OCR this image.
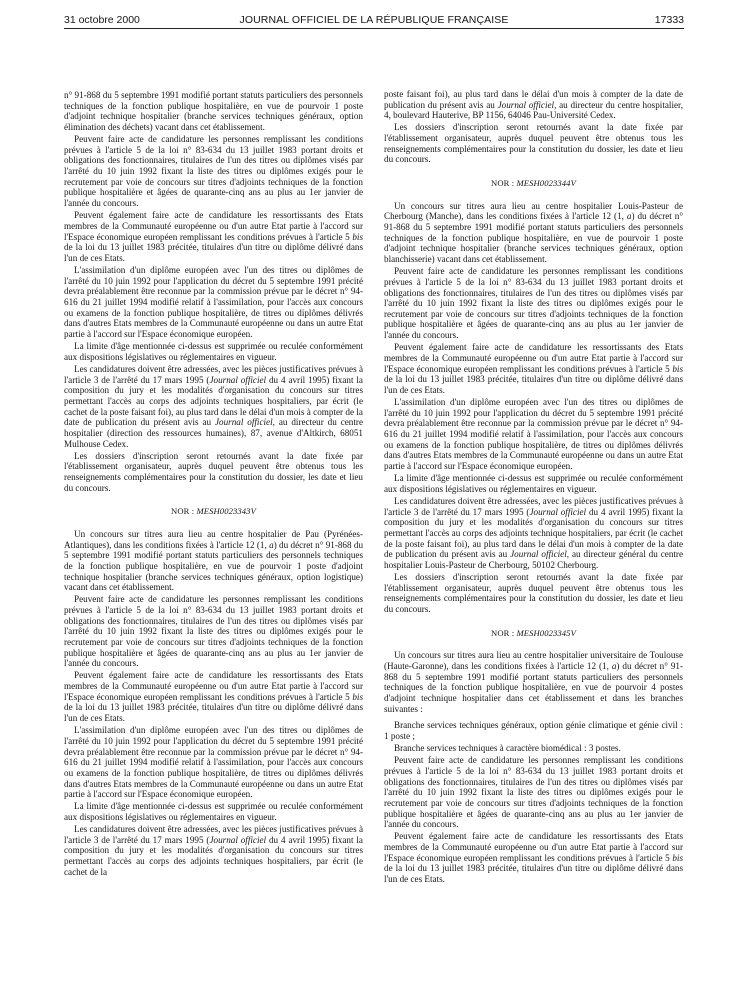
31 octobre 2000	JOURNAL OFFICIEL DE LA RÉPUBLIQUE FRANÇAISE	17333

n° 91-868 du 5 septembre 1991 modifié portant statuts particuliers des personnels techniques de la fonction publique hospitalière, en vue de pourvoir 1 poste d'adjoint technique hospitalier (branche services techniques généraux, option élimination des déchets) vacant dans cet établissement.

Peuvent faire acte de candidature les personnes remplissant les conditions prévues à l'article 5 de la loi n° 83-634 du 13 juillet 1983 portant droits et obligations des fonctionnaires, titulaires de l'un des titres ou diplômes visés par l'arrêté du 10 juin 1992 fixant la liste des titres ou diplômes exigés pour le recrutement par voie de concours sur titres d'adjoints techniques de la fonction publique hospitalière et âgées de quarante-cinq ans au plus au 1er janvier de l'année du concours.

Peuvent également faire acte de candidature les ressortissants des Etats membres de la Communauté européenne ou d'un autre Etat partie à l'accord sur l'Espace économique européen remplissant les conditions prévues à l'article 5 bis de la loi du 13 juillet 1983 précitée, titulaires d'un titre ou diplôme délivré dans l'un de ces Etats.

L'assimilation d'un diplôme européen avec l'un des titres ou diplômes de l'arrêté du 10 juin 1992 pour l'application du décret du 5 septembre 1991 précité devra préalablement être reconnue par la commission prévue par le décret n° 94-616 du 21 juillet 1994 modifié relatif à l'assimilation, pour l'accès aux concours ou examens de la fonction publique hospitalière, de titres ou diplômes délivrés dans d'autres Etats membres de la Communauté européenne ou dans un autre Etat partie à l'accord sur l'Espace économique européen.

La limite d'âge mentionnée ci-dessus est supprimée ou reculée conformément aux dispositions législatives ou réglementaires en vigueur.

Les candidatures doivent être adressées, avec les pièces justificatives prévues à l'article 3 de l'arrêté du 17 mars 1995 (Journal officiel du 4 avril 1995) fixant la composition du jury et les modalités d'organisation du concours sur titres permettant l'accès au corps des adjoints techniques hospitaliers, par écrit (le cachet de la poste faisant foi), au plus tard dans le délai d'un mois à compter de la date de publication du présent avis au Journal officiel, au directeur du centre hospitalier (direction des ressources humaines), 87, avenue d'Altkirch, 68051 Mulhouse Cedex.

Les dossiers d'inscription seront retournés avant la date fixée par l'établissement organisateur, auprès duquel peuvent être obtenus tous les renseignements complémentaires pour la constitution du dossier, les date et lieu du concours.

NOR : MESH0023343V

Un concours sur titres aura lieu au centre hospitalier de Pau (Pyrénées-Atlantiques), dans les conditions fixées à l'article 12 (1, a) du décret n° 91-868 du 5 septembre 1991 modifié portant statuts particuliers des personnels techniques de la fonction publique hospitalière, en vue de pourvoir 1 poste d'adjoint technique hospitalier (branche services techniques généraux, option logistique) vacant dans cet établissement.

Peuvent faire acte de candidature les personnes remplissant les conditions prévues à l'article 5 de la loi n° 83-634 du 13 juillet 1983 portant droits et obligations des fonctionnaires, titulaires de l'un des titres ou diplômes visés par l'arrêté du 10 juin 1992 fixant la liste des titres ou diplômes exigés pour le recrutement par voie de concours sur titres d'adjoints techniques de la fonction publique hospitalière et âgées de quarante-cinq ans au plus au 1er janvier de l'année du concours.

Peuvent également faire acte de candidature les ressortissants des Etats membres de la Communauté européenne ou d'un autre Etat partie à l'accord sur l'Espace économique européen remplissant les conditions prévues à l'article 5 bis de la loi du 13 juillet 1983 précitée, titulaires d'un titre ou diplôme délivré dans l'un de ces Etats.

L'assimilation d'un diplôme européen avec l'un des titres ou diplômes de l'arrêté du 10 juin 1992 pour l'application du décret du 5 septembre 1991 précité devra préalablement être reconnue par la commission prévue par le décret n° 94-616 du 21 juillet 1994 modifié relatif à l'assimilation, pour l'accès aux concours ou examens de la fonction publique hospitalière, de titres ou diplômes délivrés dans d'autres Etats membres de la Communauté européenne ou dans un autre Etat partie à l'accord sur l'Espace économique européen.

La limite d'âge mentionnée ci-dessus est supprimée ou reculée conformément aux dispositions législatives ou réglementaires en vigueur.

Les candidatures doivent être adressées, avec les pièces justificatives prévues à l'article 3 de l'arrêté du 17 mars 1995 (Journal officiel du 4 avril 1995) fixant la composition du jury et les modalités d'organisation du concours sur titres permettant l'accès au corps des adjoints techniques hospitaliers, par écrit (le cachet de la

poste faisant foi), au plus tard dans le délai d'un mois à compter de la date de publication du présent avis au Journal officiel, au directeur du centre hospitalier, 4, boulevard Hauterive, BP 1156, 64046 Pau-Université Cedex.

Les dossiers d'inscription seront retournés avant la date fixée par l'établissement organisateur, auprès duquel peuvent être obtenus tous les renseignements complémentaires pour la constitution du dossier, les date et lieu du concours.

NOR : MESH0023344V

Un concours sur titres aura lieu au centre hospitalier Louis-Pasteur de Cherbourg (Manche), dans les conditions fixées à l'article 12 (1, a) du décret n° 91-868 du 5 septembre 1991 modifié portant statuts particuliers des personnels techniques de la fonction publique hospitalière, en vue de pourvoir 1 poste d'adjoint technique hospitalier (branche services techniques généraux, option blanchisserie) vacant dans cet établissement.

Peuvent faire acte de candidature les personnes remplissant les conditions prévues à l'article 5 de la loi n° 83-634 du 13 juillet 1983 portant droits et obligations des fonctionnaires, titulaires de l'un des titres ou diplômes visés par l'arrêté du 10 juin 1992 fixant la liste des titres ou diplômes exigés pour le recrutement par voie de concours sur titres d'adjoints techniques de la fonction publique hospitalière et âgées de quarante-cinq ans au plus au 1er janvier de l'année du concours.

Peuvent également faire acte de candidature les ressortissants des Etats membres de la Communauté européenne ou d'un autre Etat partie à l'accord sur l'Espace économique européen remplissant les conditions prévues à l'article 5 bis de la loi du 13 juillet 1983 précitée, titulaires d'un titre ou diplôme délivré dans l'un de ces Etats.

L'assimilation d'un diplôme européen avec l'un des titres ou diplômes de l'arrêté du 10 juin 1992 pour l'application du décret du 5 septembre 1991 précité devra préalablement être reconnue par la commission prévue par le décret n° 94-616 du 21 juillet 1994 modifié relatif à l'assimilation, pour l'accès aux concours ou examens de la fonction publique hospitalière, de titres ou diplômes délivrés dans d'autres Etats membres de la Communauté européenne ou dans un autre Etat partie à l'accord sur l'Espace économique européen.

La limite d'âge mentionnée ci-dessus est supprimée ou reculée conformément aux dispositions législatives ou réglementaires en vigueur.

Les candidatures doivent être adressées, avec les pièces justificatives prévues à l'article 3 de l'arrêté du 17 mars 1995 (Journal officiel du 4 avril 1995) fixant la composition du jury et les modalités d'organisation du concours sur titres permettant l'accès au corps des adjoints technique hospitaliers, par écrit (le cachet de la poste faisant foi), au plus tard dans le délai d'un mois à compter de la date de publication du présent avis au Journal officiel, au directeur général du centre hospitalier Louis-Pasteur de Cherbourg, 50102 Cherbourg.

Les dossiers d'inscription seront retournés avant la date fixée par l'établissement organisateur, auprès duquel peuvent être obtenus tous les renseignements complémentaires pour la constitution du dossier, les date et lieu du concours.

NOR : MESH0023345V

Un concours sur titres aura lieu au centre hospitalier universitaire de Toulouse (Haute-Garonne), dans les conditions fixées à l'article 12 (1, a) du décret n° 91-868 du 5 septembre 1991 modifié portant statuts particuliers des personnels techniques de la fonction publique hospitalière, en vue de pourvoir 4 postes d'adjoint technique hospitalier dans cet établissement et dans les branches suivantes :

Branche services techniques généraux, option génie climatique et génie civil : 1 poste ;

Branche services techniques à caractère biomédical : 3 postes.

Peuvent faire acte de candidature les personnes remplissant les conditions prévues à l'article 5 de la loi n° 83-634 du 13 juillet 1983 portant droits et obligations des fonctionnaires, titulaires de l'un des titres ou diplômes visés par l'arrêté du 10 juin 1992 fixant la liste des titres ou diplômes exigés pour le recrutement par voie de concours sur titres d'adjoints techniques de la fonction publique hospitalière et âgées de quarante-cinq ans au plus au 1er janvier de l'année du concours.

Peuvent également faire acte de candidature les ressortissants des Etats membres de la Communauté européenne ou d'un autre Etat partie à l'accord sur l'Espace économique européen remplissant les conditions prévues à l'article 5 bis de la loi du 13 juillet 1983 précitée, titulaires d'un titre ou diplôme délivré dans l'un de ces Etats.
